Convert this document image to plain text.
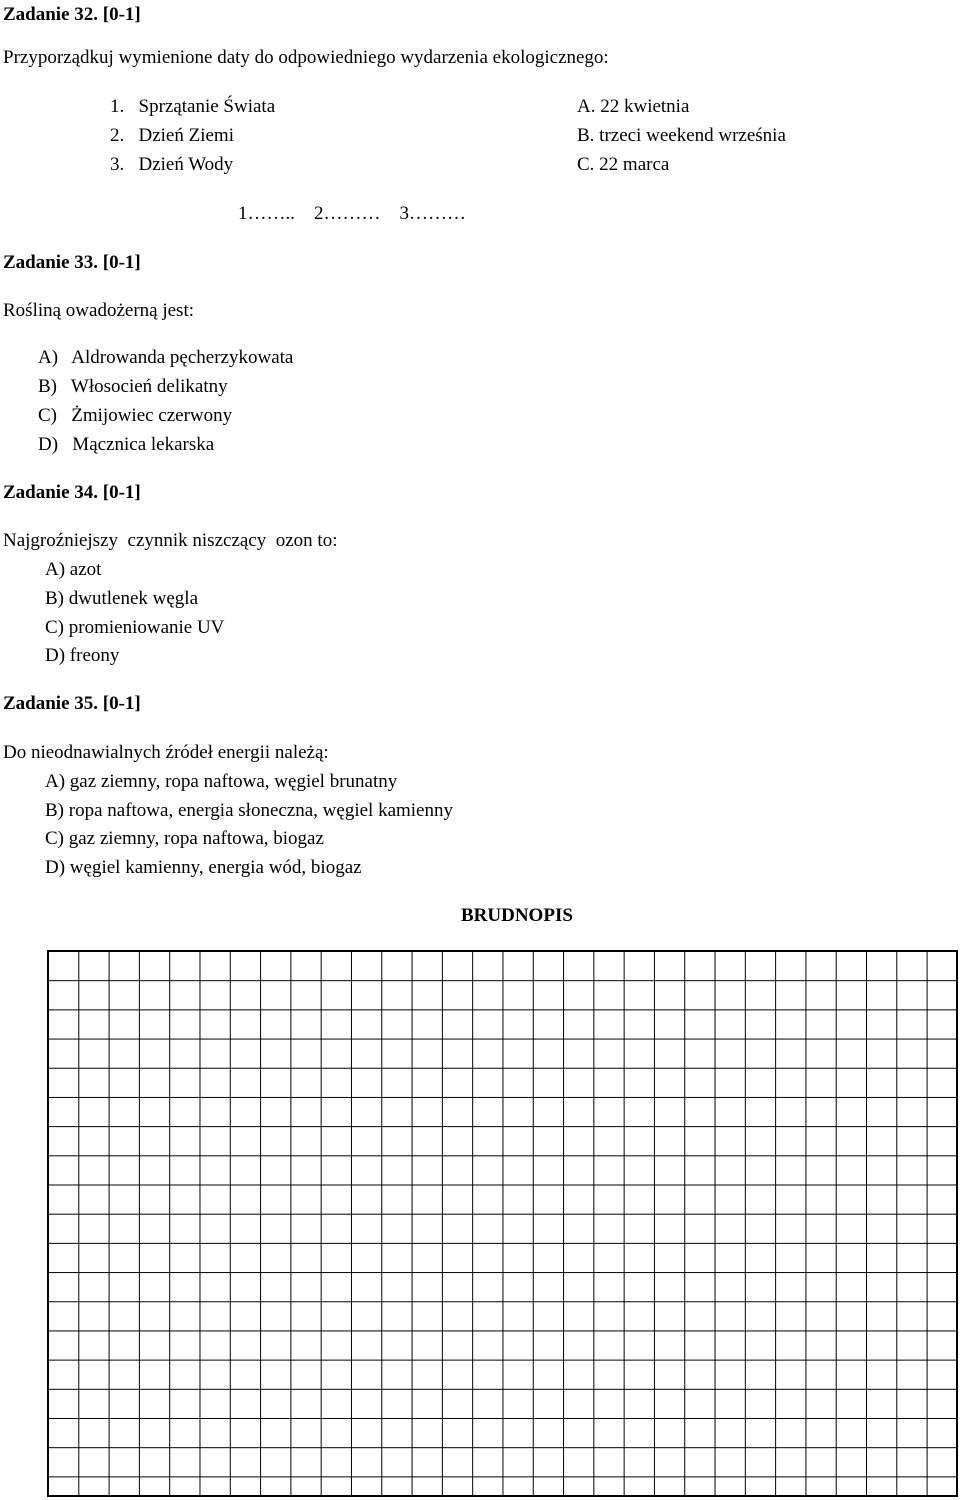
Zadanie 32. [0-1]
Przyporządkuj wymienione daty do odpowiedniego wydarzenia ekologicznego:
1.   Sprzątanie Świata
2.   Dzień Ziemi
3.   Dzień Wody
A. 22 kwietnia
B. trzeci weekend września
C. 22 marca
1……..    2………    3………
Zadanie 33. [0-1]
Rośliną owadożerną jest:
A)   Aldrowanda pęcherzykowata
B)   Włosocień delikatny
C)   Żmijowiec czerwony
D)   Mącznica lekarska
Zadanie 34. [0-1]
Najgroźniejszy  czynnik niszczący  ozon to:
A) azot
B) dwutlenek węgla
C) promieniowanie UV
D) freony
Zadanie 35. [0-1]
Do nieodnawialnych źródeł energii należą:
A) gaz ziemny, ropa naftowa, węgiel brunatny
B) ropa naftowa, energia słoneczna, węgiel kamienny
C) gaz ziemny, ropa naftowa, biogaz
D) węgiel kamienny, energia wód, biogaz
BRUDNOPIS
